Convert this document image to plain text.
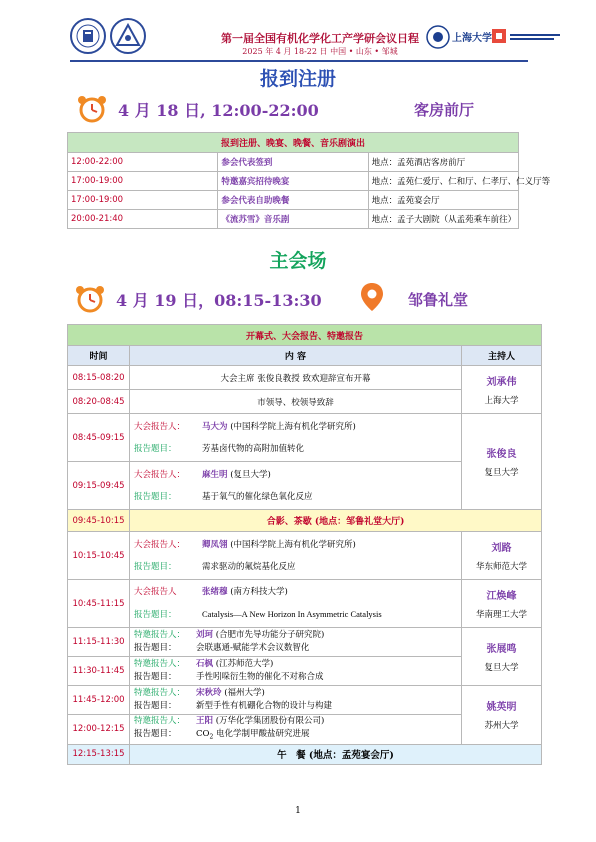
第一届全国有机化学化工产学研会议日程
2025 年 4 月 18-22 日 中国 • 山东 • 邹城
上海大学
报到注册
4 月 18 日, 12:00-22:00	客房前厅
报到注册、晚宴、晚餐、音乐剧演出		
12:00-22:00	参会代表签到	地点：孟苑酒店客房前厅
17:00-19:00	特邀嘉宾招待晚宴	地点：孟苑仁爱厅、仁和厅、仁孝厅、仁义厅等
17:00-19:00	参会代表自助晚餐	地点：孟苑宴会厅
20:00-21:40	《流苏雪》音乐剧	地点：孟子大剧院（从孟苑乘车前往）
主会场
4 月 19 日，08:15-13:30	邹鲁礼堂
开幕式、大会报告、特邀报告		
时间	内 容	主持人
08:15-08:20	大会主席 张俊良教授 致欢迎辞宣布开幕	刘承伟
上海大学

08:20-08:45	市领导、校领导致辞	
08:45-09:15	大会报告人： 马大为 (中国科学院上海有机化学研究所)
报告题目： 芳基卤代物的高附加值转化	张俊良
复旦大学

09:15-09:45	大会报告人： 麻生明 (复旦大学)
报告题目： 基于氧气的催化绿色氧化反应	

09:45-10:15	合影、茶歇 (地点：邹鲁礼堂大厅)	
10:15-10:45	大会报告人： 卿凤翎 (中国科学院上海有机化学研究所)
报告题目： 需求驱动的氟烷基化反应	刘路
华东师范大学

10:45-11:15	大会报告人 张绪穆 (南方科技大学)
报告题目： Catalysis—A New Horizon In Asymmetric Catalysis	江焕峰
华南理工大学

11:15-11:30	特邀报告人： 刘珂 (合肥市先导功能分子研究院)
报告题目： 会联惠通-赋能学术会议数智化	张展鸣
复旦大学

11:30-11:45	特邀报告人： 石枫 (江苏师范大学)
报告题目： 手性吲哚衍生物的催化不对称合成	

11:45-12:00	特邀报告人： 宋秋玲 (福州大学)
报告题目： 新型手性有机硼化合物的设计与构建	姚英明
苏州大学

12:00-12:15	特邀报告人： 王阳 (万华化学集团股份有限公司)
报告题目： $CO_2$ 电化学制甲酸盐研究进展	

12:15-13:15	午　餐 (地点：孟苑宴会厅)	
1
